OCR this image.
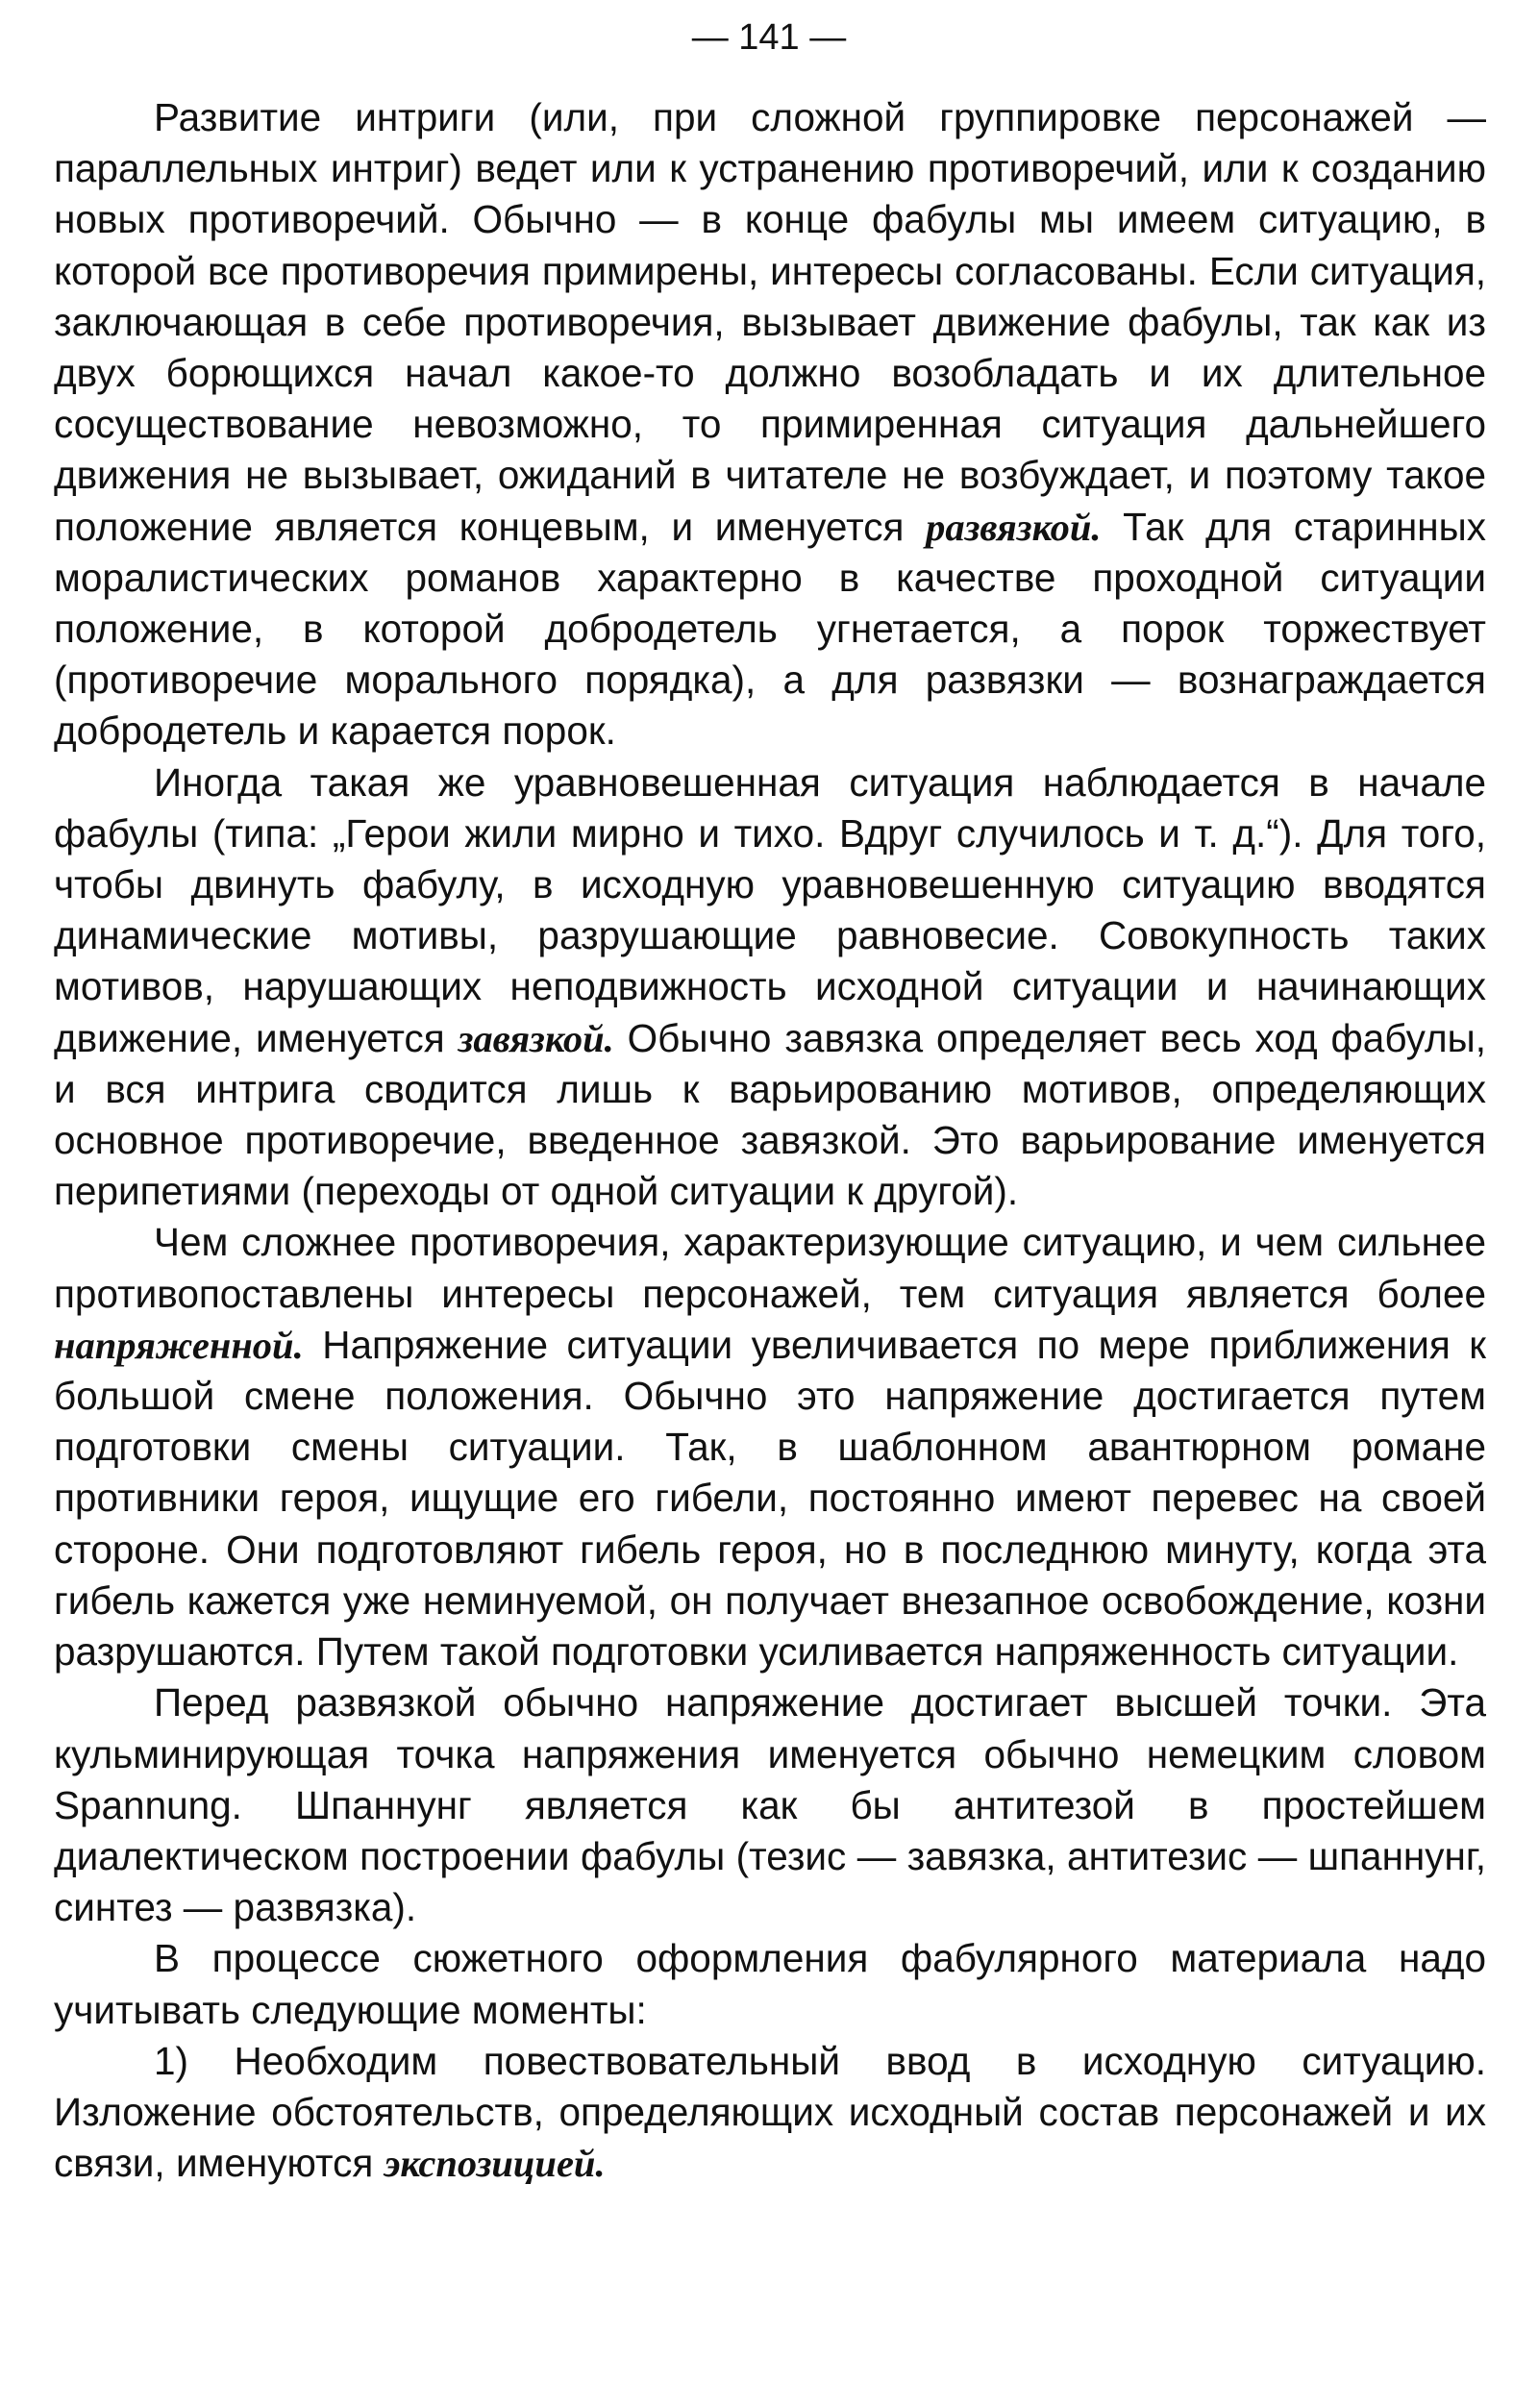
— 141 —

Развитие интриги (или, при сложной группировке персонажей — параллельных интриг) ведет или к устранению противоречий, или к созданию новых противоречий. Обычно — в конце фабулы мы имеем ситуацию, в которой все противоречия примирены, интересы согласованы. Если ситуация, заключающая в себе противоречия, вызывает движение фабулы, так как из двух борющихся начал какое-то должно возобладать и их длительное сосуществование невозможно, то примиренная ситуация дальнейшего движения не вызывает, ожиданий в читателе не возбуждает, и поэтому такое положение является концевым, и именуется развязкой. Так для старинных моралистических романов характерно в качестве проходной ситуации положение, в которой добродетель угнетается, а порок торжествует (противоречие морального порядка), а для развязки — вознаграждается добродетель и карается порок.

Иногда такая же уравновешенная ситуация наблюдается в начале фабулы (типа: „Герои жили мирно и тихо. Вдруг случилось и т. д.“). Для того, чтобы двинуть фабулу, в исходную уравновешенную ситуацию вводятся динамические мотивы, разрушающие равновесие. Совокупность таких мотивов, нарушающих неподвижность исходной ситуации и начинающих движение, именуется завязкой. Обычно завязка определяет весь ход фабулы, и вся интрига сводится лишь к варьированию мотивов, определяющих основное противоречие, введенное завязкой. Это варьирование именуется перипетиями (переходы от одной ситуации к другой).

Чем сложнее противоречия, характеризующие ситуацию, и чем сильнее противопоставлены интересы персонажей, тем ситуация является более напряженной. Напряжение ситуации увеличивается по мере приближения к большой смене положения. Обычно это напряжение достигается путем подготовки смены ситуации. Так, в шаблонном авантюрном романе противники героя, ищущие его гибели, постоянно имеют перевес на своей стороне. Они подготовляют гибель героя, но в последнюю минуту, когда эта гибель кажется уже неминуемой, он получает внезапное освобождение, козни разрушаются. Путем такой подготовки усиливается напряженность ситуации.

Перед развязкой обычно напряжение достигает высшей точки. Эта кульминирующая точка напряжения именуется обычно немецким словом Spannung. Шпаннунг является как бы антитезой в простейшем диалектическом построении фабулы (тезис — завязка, антитезис — шпаннунг, синтез — развязка).

В процессе сюжетного оформления фабулярного материала надо учитывать следующие моменты:

1) Необходим повествовательный ввод в исходную ситуацию. Изложение обстоятельств, определяющих исходный состав персонажей и их связи, именуются экспозицией.
